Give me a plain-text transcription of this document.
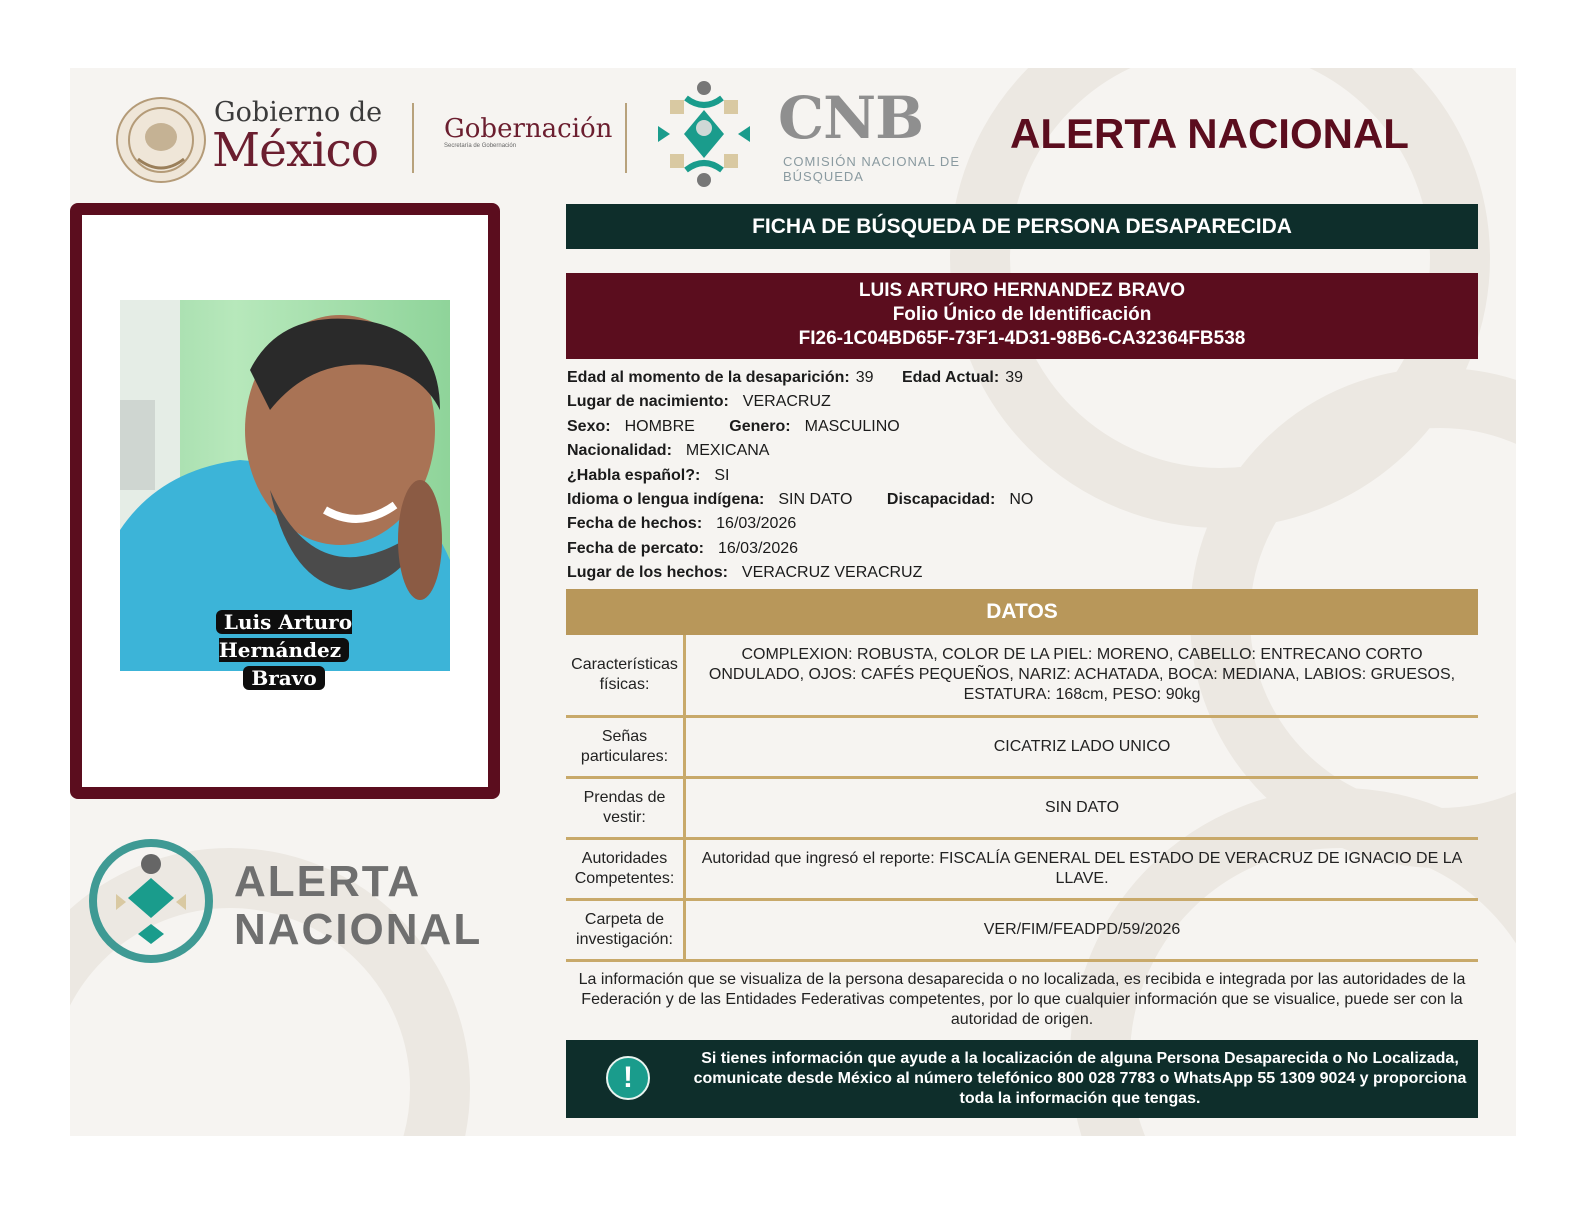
Gobierno de
México	Gobernación
Secretaría de Gobernación	CNB
COMISIÓN NACIONAL DE BÚSQUEDA
ALERTA NACIONAL
Luis Arturo Hernández
Bravo
ALERTA
NACIONAL
FICHA DE BÚSQUEDA DE PERSONA DESAPARECIDA
LUIS ARTURO HERNANDEZ BRAVO
Folio Único de Identificación
FI26-1C04BD65F-73F1-4D31-98B6-CA32364FB538
Edad al momento de la desaparición: 39 Edad Actual: 39
Lugar de nacimiento: VERACRUZ
Sexo: HOMBRE Genero: MASCULINO
Nacionalidad: MEXICANA
¿Habla español?: SI
Idioma o lengua indígena: SIN DATO Discapacidad: NO
Fecha de hechos: 16/03/2026
Fecha de percato: 16/03/2026
Lugar de los hechos: VERACRUZ VERACRUZ
DATOS
Características físicas:
COMPLEXION: ROBUSTA, COLOR DE LA PIEL: MORENO, CABELLO: ENTRECANO CORTO ONDULADO, OJOS: CAFÉS PEQUEÑOS, NARIZ: ACHATADA, BOCA: MEDIANA, LABIOS: GRUESOS, ESTATURA: 168cm, PESO: 90kg
Señas particulares:
CICATRIZ LADO UNICO
Prendas de vestir:
SIN DATO
Autoridades Competentes:
Autoridad que ingresó el reporte: FISCALÍA GENERAL DEL ESTADO DE VERACRUZ DE IGNACIO DE LA LLAVE.
Carpeta de investigación:
VER/FIM/FEADPD/59/2026
La información que se visualiza de la persona desaparecida o no localizada, es recibida e integrada por las autoridades de la Federación y de las Entidades Federativas competentes, por lo que cualquier información que se visualice, puede ser con la autoridad de origen.
!
Si tienes información que ayude a la localización de alguna Persona Desaparecida o No Localizada, comunicate desde México al número telefónico 800 028 7783 o WhatsApp 55 1309 9024 y proporciona toda la información que tengas.
